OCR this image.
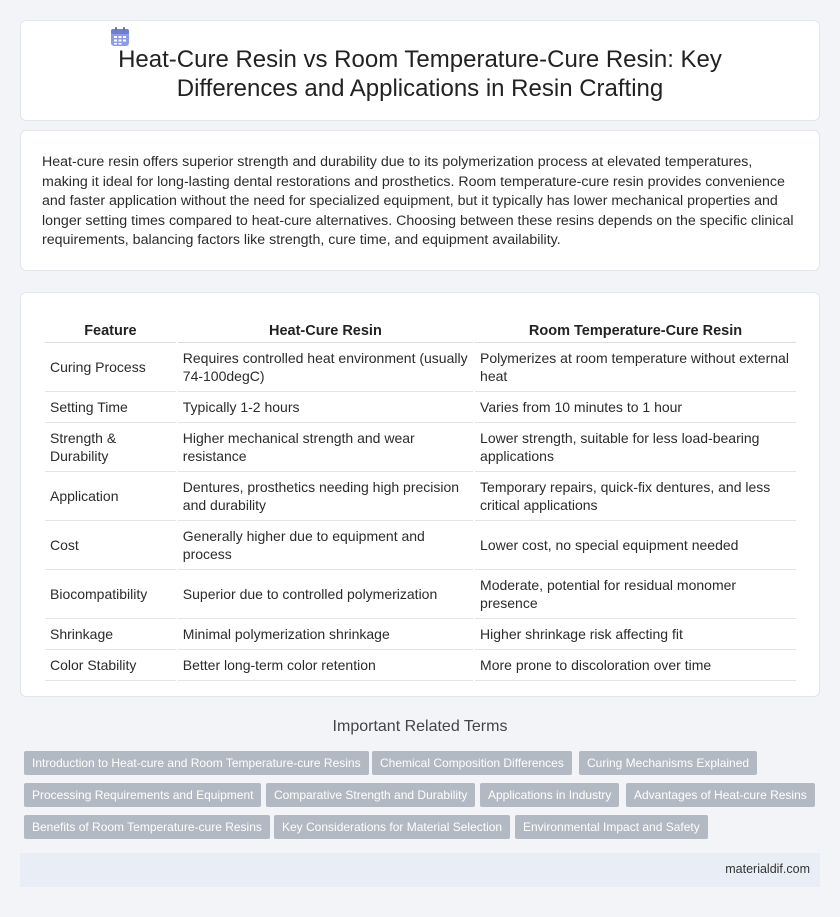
Heat-Cure Resin vs Room Temperature-Cure Resin: Key Differences and Applications in Resin Crafting

Heat-cure resin offers superior strength and durability due to its polymerization process at elevated temperatures, making it ideal for long-lasting dental restorations and prosthetics. Room temperature-cure resin provides convenience and faster application without the need for specialized equipment, but it typically has lower mechanical properties and longer setting times compared to heat-cure alternatives. Choosing between these resins depends on the specific clinical requirements, balancing factors like strength, cure time, and equipment availability.

Feature	Heat-Cure Resin	Room Temperature-Cure Resin
Curing Process	Requires controlled heat environment (usually 74-100degC)	Polymerizes at room temperature without external heat
Setting Time	Typically 1-2 hours	Varies from 10 minutes to 1 hour
Strength & Durability	Higher mechanical strength and wear resistance	Lower strength, suitable for less load-bearing applications
Application	Dentures, prosthetics needing high precision and durability	Temporary repairs, quick-fix dentures, and less critical applications
Cost	Generally higher due to equipment and process	Lower cost, no special equipment needed
Biocompatibility	Superior due to controlled polymerization	Moderate, potential for residual monomer presence
Shrinkage	Minimal polymerization shrinkage	Higher shrinkage risk affecting fit
Color Stability	Better long-term color retention	More prone to discoloration over time
Important Related Terms
Introduction to Heat-cure and Room Temperature-cure Resins	Chemical Composition Differences	Curing Mechanisms Explained
Processing Requirements and Equipment	Comparative Strength and Durability	Applications in Industry	Advantages of Heat-cure Resins
Benefits of Room Temperature-cure Resins	Key Considerations for Material Selection	Environmental Impact and Safety
materialdif.com
